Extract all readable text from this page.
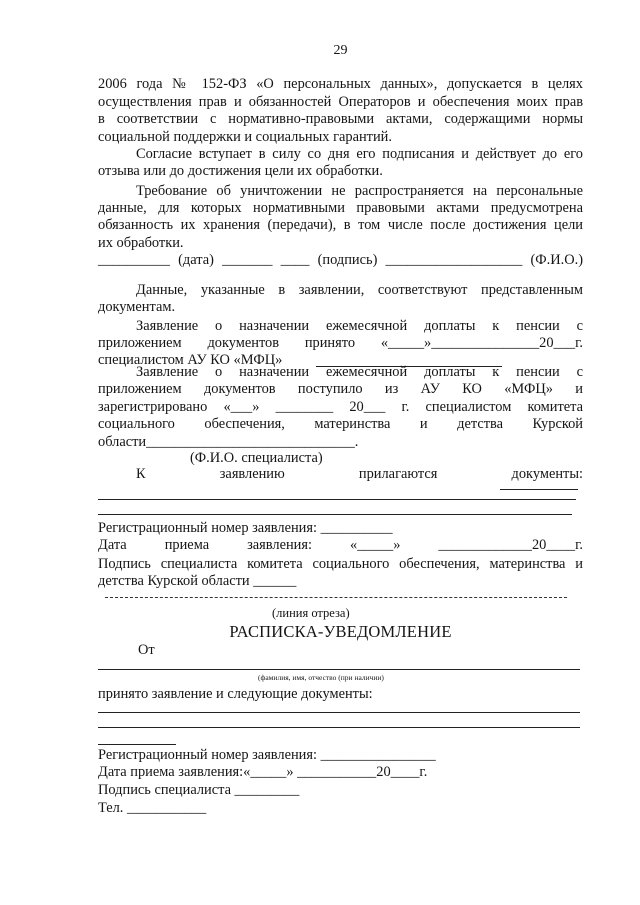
29
2006 года № 152-ФЗ «О персональных данных», допускается в целях
осуществления прав и обязанностей Операторов и обеспечения моих прав
в соответствии с нормативно-правовыми актами, содержащими нормы
социальной поддержки и социальных гарантий.
Согласие вступает в силу со дня его подписания и действует до его
отзыва или до достижения цели их обработки.
Требование об уничтожении не распространяется на персональные
данные, для которых нормативными правовыми актами предусмотрена
обязанность их хранения (передачи), в том числе после достижения цели
их обработки.
__________ (дата) _______ ____ (подпись) ___________________ (Ф.И.О.)
Данные, указанные в заявлении, соответствуют представленным
документам.
Заявление о назначении ежемесячной доплаты к пенсии с
приложением документов принято «_____»_______________20___г.
специалистом АУ КО «МФЦ»
Заявление о назначении ежемесячной доплаты к пенсии с
приложением документов поступило из АУ КО «МФЦ» и
зарегистрировано «___» ________ 20___ г. специалистом комитета
социального обеспечения, материнства и детства Курской
области_____________________________.
(Ф.И.О. специалиста)
К заявлению прилагаются документы:
Регистрационный номер заявления: __________
Дата приема заявления: «_____» _____________20____г.
Подпись специалиста комитета социального обеспечения, материнства и
детства Курской области ______
(линия отреза)
РАСПИСКА-УВЕДОМЛЕНИЕ
От
(фамилия, имя, отчество (при наличии)
принято заявление и следующие документы:
Регистрационный номер заявления: ________________
Дата приема заявления:«_____» ___________20____г.
Подпись специалиста _________
Тел. ___________
